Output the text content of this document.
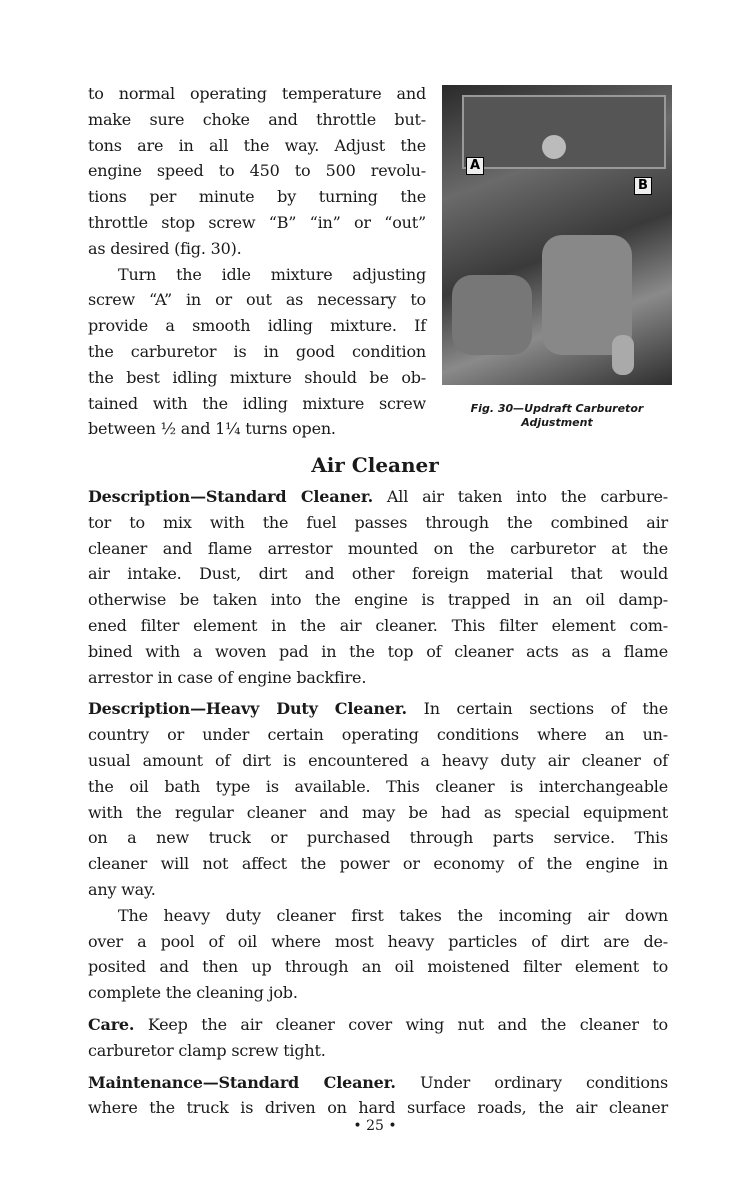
to normal operating temperature and
make sure choke and throttle but-
tons are in all the way. Adjust the
engine speed to 450 to 500 revolu-
tions per minute by turning the
throttle stop screw “B” “in” or “out”
as desired (fig. 30).
Turn the idle mixture adjusting
screw “A” in or out as necessary to
provide a smooth idling mixture. If
the carburetor is in good condition
the best idling mixture should be ob-
tained with the idling mixture screw
between ½ and 1¼ turns open.
A
B
Fig. 30—Updraft Carburetor
Adjustment
Air Cleaner
Description—Standard Cleaner. All air taken into the carbure-
tor to mix with the fuel passes through the combined air
cleaner and flame arrestor mounted on the carburetor at the
air intake. Dust, dirt and other foreign material that would
otherwise be taken into the engine is trapped in an oil damp-
ened filter element in the air cleaner. This filter element com-
bined with a woven pad in the top of cleaner acts as a flame
arrestor in case of engine backfire.
Description—Heavy Duty Cleaner. In certain sections of the
country or under certain operating conditions where an un-
usual amount of dirt is encountered a heavy duty air cleaner of
the oil bath type is available. This cleaner is interchangeable
with the regular cleaner and may be had as special equipment
on a new truck or purchased through parts service. This
cleaner will not affect the power or economy of the engine in
any way.
The heavy duty cleaner first takes the incoming air down
over a pool of oil where most heavy particles of dirt are de-
posited and then up through an oil moistened filter element to
complete the cleaning job.
Care. Keep the air cleaner cover wing nut and the cleaner to
carburetor clamp screw tight.
Maintenance—Standard Cleaner. Under ordinary conditions
where the truck is driven on hard surface roads, the air cleaner
• 25 •
